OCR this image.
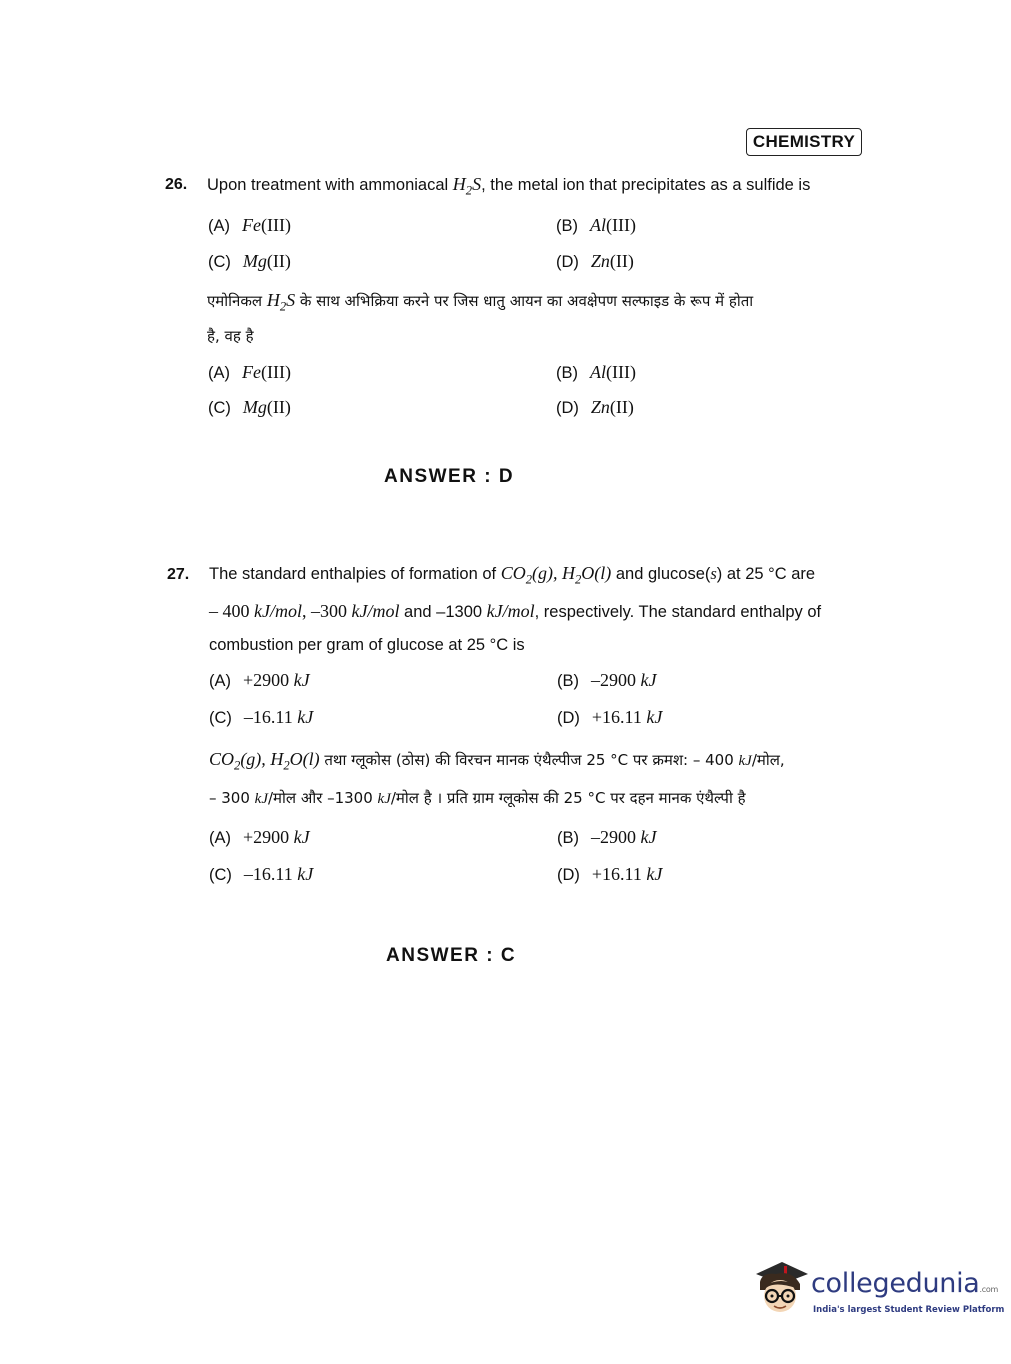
CHEMISTRY
26. Upon treatment with ammoniacal $H_2S$, the metal ion that precipitates as a sulfide is
(A) Fe(III)	(B) Al(III)
(C) Mg(II)	(D) Zn(II)
एमोनिकल $H_2S$ के साथ अभिक्रिया करने पर जिस धातु आयन का अवक्षेपण सल्फाइड के रूप में होता
है, वह है
(A) Fe(III)	(B) Al(III)
(C) Mg(II)	(D) Zn(II)
ANSWER : D
27. The standard enthalpies of formation of $CO_2(g)$, $H_2O(l)$ and glucose(s) at 25 °C are
– 400 kJ/mol, –300 kJ/mol and –1300 kJ/mol, respectively. The standard enthalpy of
combustion per gram of glucose at 25 °C is
(A) +2900 kJ	(B) –2900 kJ
(C) –16.11 kJ	(D) +16.11 kJ
$CO_2(g)$, $H_2O(l)$ तथा ग्लूकोस (ठोस) की विरचन मानक एंथैल्पीज 25 °C पर क्रमश: – 400 kJ/मोल,
– 300 kJ/मोल और –1300 kJ/मोल है । प्रति ग्राम ग्लूकोस की 25 °C पर दहन मानक एंथैल्पी है
(A) +2900 kJ	(B) –2900 kJ
(C) –16.11 kJ	(D) +16.11 kJ
ANSWER : C
collegedunia.com
India's largest Student Review Platform
